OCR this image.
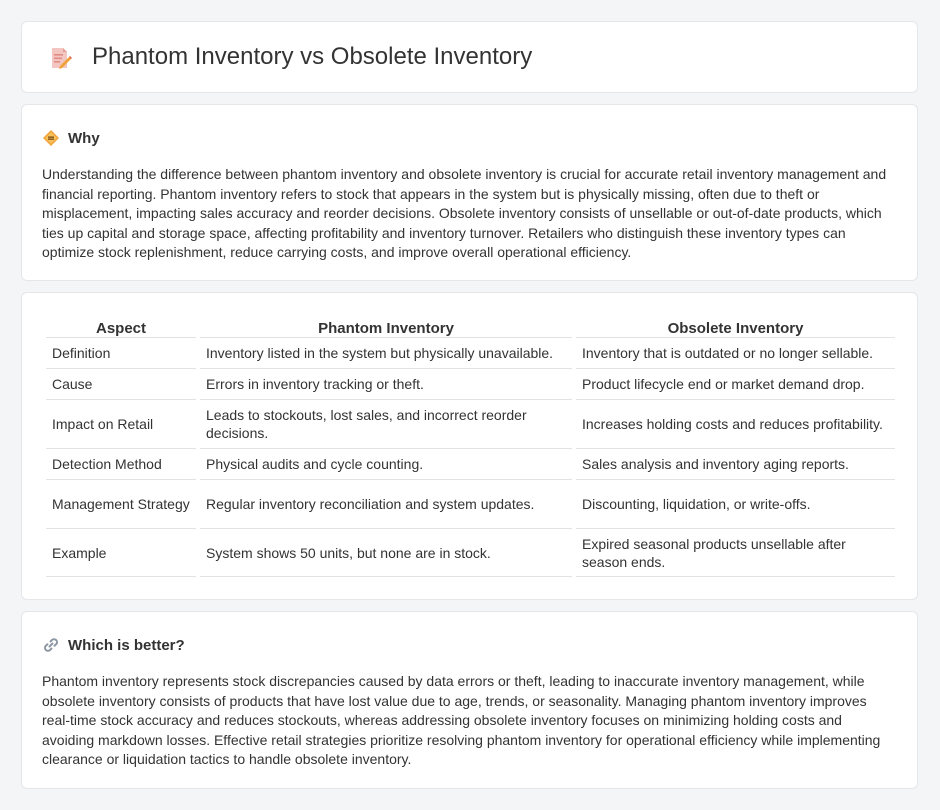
Phantom Inventory vs Obsolete Inventory
Why

Understanding the difference between phantom inventory and obsolete inventory is crucial for accurate retail inventory management and financial reporting. Phantom inventory refers to stock that appears in the system but is physically missing, often due to theft or misplacement, impacting sales accuracy and reorder decisions. Obsolete inventory consists of unsellable or out-of-date products, which ties up capital and storage space, affecting profitability and inventory turnover. Retailers who distinguish these inventory types can optimize stock replenishment, reduce carrying costs, and improve overall operational efficiency.

Aspect	Phantom Inventory	Obsolete Inventory
Definition	Inventory listed in the system but physically unavailable.	Inventory that is outdated or no longer sellable.
Cause	Errors in inventory tracking or theft.	Product lifecycle end or market demand drop.
Impact on Retail	Leads to stockouts, lost sales, and incorrect reorder decisions.	Increases holding costs and reduces profitability.
Detection Method	Physical audits and cycle counting.	Sales analysis and inventory aging reports.
Management Strategy	Regular inventory reconciliation and system updates.	Discounting, liquidation, or write-offs.
Example	System shows 50 units, but none are in stock.	Expired seasonal products unsellable after season ends.
Which is better?

Phantom inventory represents stock discrepancies caused by data errors or theft, leading to inaccurate inventory management, while obsolete inventory consists of products that have lost value due to age, trends, or seasonality. Managing phantom inventory improves real-time stock accuracy and reduces stockouts, whereas addressing obsolete inventory focuses on minimizing holding costs and avoiding markdown losses. Effective retail strategies prioritize resolving phantom inventory for operational efficiency while implementing clearance or liquidation tactics to handle obsolete inventory.
